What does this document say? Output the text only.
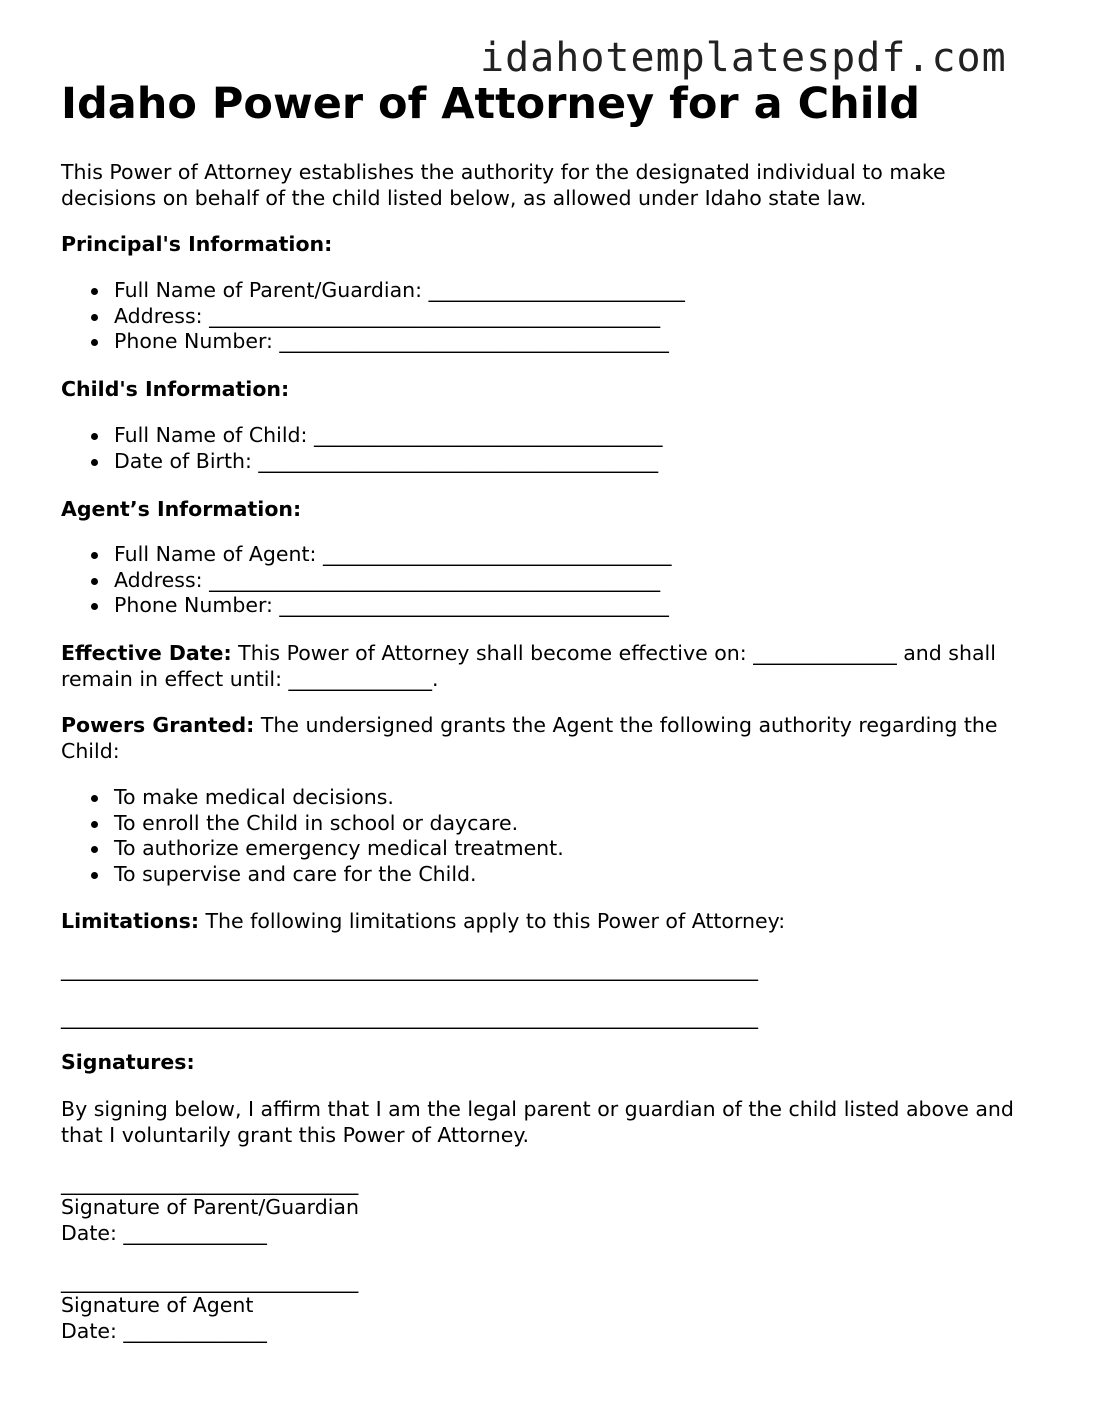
idahotemplatespdf.com
Idaho Power of Attorney for a Child

This Power of Attorney establishes the authority for the designated individual to make decisions on behalf of the child listed below, as allowed under Idaho state law.

Principal's Information:

Full Name of Parent/Guardian: _________________________
Address: ____________________________________________
Phone Number: ______________________________________

Child's Information:

Full Name of Child: __________________________________
Date of Birth: _______________________________________

Agent’s Information:

Full Name of Agent: __________________________________
Address: ____________________________________________
Phone Number: ______________________________________

Effective Date: This Power of Attorney shall become effective on: ______________ and shall remain in effect until: ______________.

Powers Granted: The undersigned grants the Agent the following authority regarding the Child:

To make medical decisions.
To enroll the Child in school or daycare.
To authorize emergency medical treatment.
To supervise and care for the Child.

Limitations: The following limitations apply to this Power of Attorney:

____________________________________________________________________

____________________________________________________________________

Signatures:

By signing below, I affirm that I am the legal parent or guardian of the child listed above and that I voluntarily grant this Power of Attorney.

_____________________________

Signature of Parent/Guardian

Date: ______________

_____________________________

Signature of Agent

Date: ______________
